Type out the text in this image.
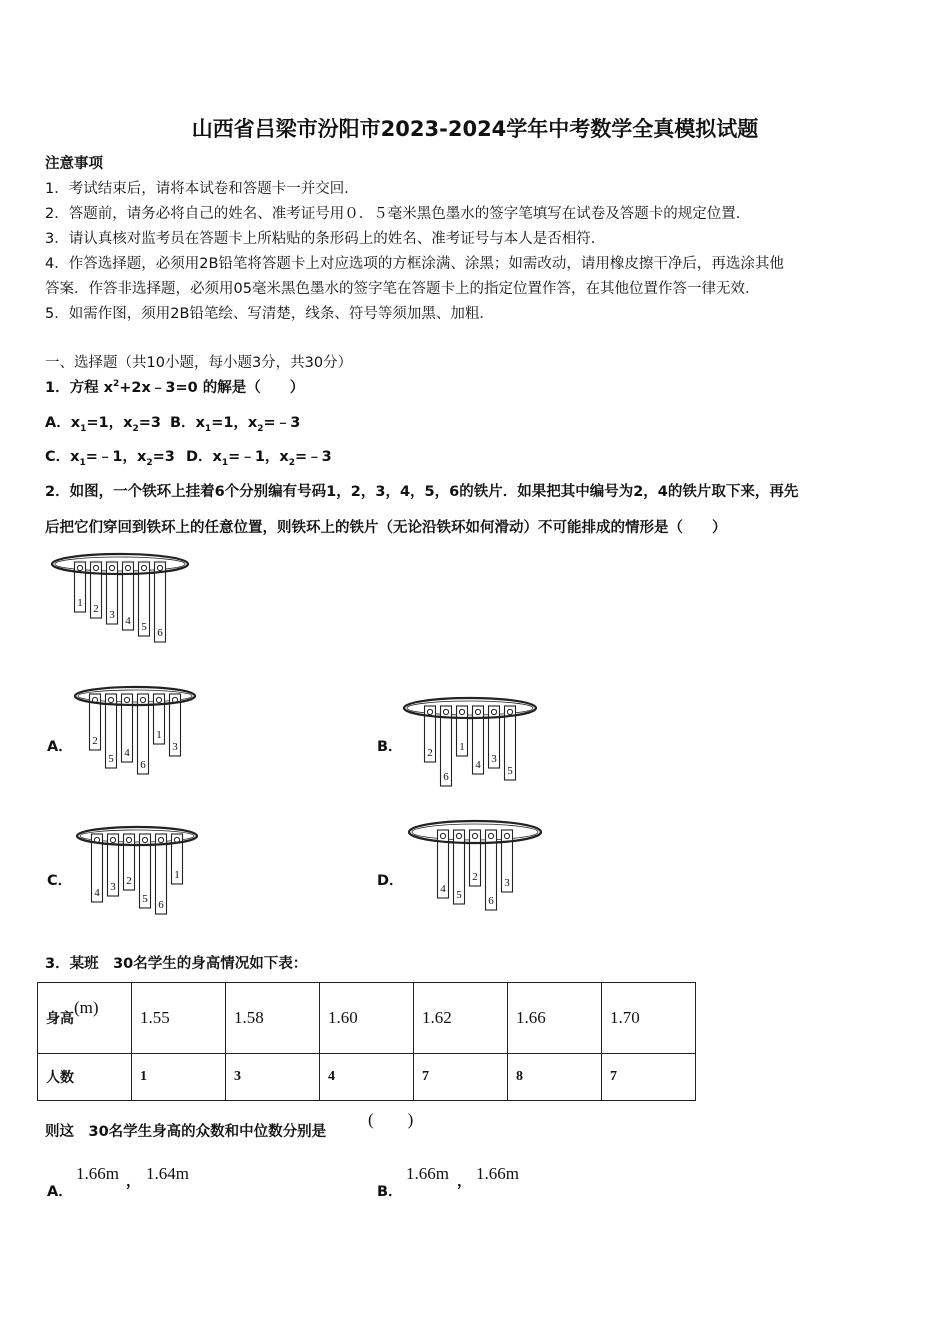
山西省吕梁市汾阳市2023-2024学年中考数学全真模拟试题
注意事项
1．考试结束后，请将本试卷和答题卡一并交回．
2．答题前，请务必将自己的姓名、准考证号用０．５毫米黑色墨水的签字笔填写在试卷及答题卡的规定位置．
3．请认真核对监考员在答题卡上所粘贴的条形码上的姓名、准考证号与本人是否相符．
4．作答选择题，必须用2B铅笔将答题卡上对应选项的方框涂满、涂黑；如需改动，请用橡皮擦干净后，再选涂其他
答案．作答非选择题，必须用05毫米黑色墨水的签字笔在答题卡上的指定位置作答，在其他位置作答一律无效．
5．如需作图，须用2B铅笔绘、写清楚，线条、符号等须加黑、加粗．
一、选择题（共10小题，每小题3分，共30分）
1．方程 $x^2+2x﹣3=0$ 的解是（　　）
A．$x_1=1$，$x_2=3$ B．$x_1=1$，$x_2=﹣3$
C．$x_1=﹣1$，$x_2=3$ D．$x_1=﹣1$，$x_2=﹣3$
2．如图，一个铁环上挂着6个分别编有号码1，2，3，4，5，6的铁片．如果把其中编号为2，4的铁片取下来，再先
后把它们穿回到铁环上的任意位置，则铁环上的铁片（无论沿铁环如何滑动）不可能排成的情形是（　　）
1 2 3 4 5 6
A． 2
5 4
6
1
3	B． 2
6
1
4 3
5
C．
4 3 2
5 6
1	D．	4 5
2
6
3
3．某班　30名学生的身高情况如下表：
身高(m)	1.55	1.58	1.60	1.62	1.66	1.70
人数	1	3	4	7	8	7
则这　30名学生身高的众数和中位数分别是
(　　)
A．
1.66m ， 1.64m
B．
1.66m ， 1.66m
